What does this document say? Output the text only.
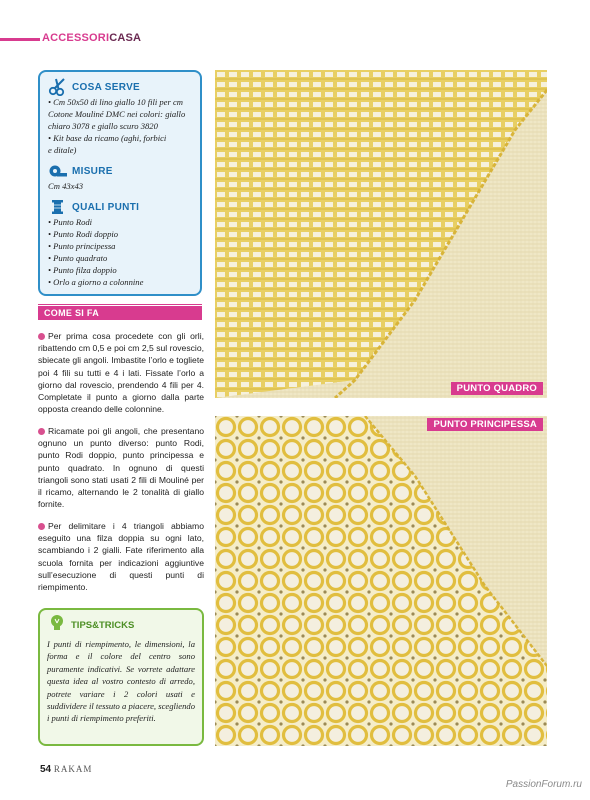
ACCESSORICASA
COSA SERVE
• Cm 50x50 di lino giallo 10 fili per cm
Cotone Mouliné DMC nei colori: giallo
chiaro 3078 e giallo scuro 3820
• Kit base da ricamo (aghi, forbici
e ditale)
MISURE
Cm 43x43
QUALI PUNTI
• Punto Rodi
• Punto Rodi doppio
• Punto principessa
• Punto quadrato
• Punto filza doppio
• Orlo a giorno a colonnine
COME SI FA
Per prima cosa procedete con gli orli, ribattendo cm 0,5 e poi cm 2,5 sul rovescio, sbiecate gli angoli. Imbastite l’orlo e togliete poi 4 fili su tutti e 4 i lati. Fissate l’orlo a giorno dal rovescio, prendendo 4 fili per 4. Completate il punto a giorno dalla parte opposta creando delle colonnine.
Ricamate poi gli angoli, che presentano ognuno un punto diverso: punto Rodi, punto Rodi doppio, punto principessa e punto quadrato. In ognuno di questi triangoli sono stati usati 2 fili di Mouliné per il ricamo, alternando le 2 tonalità di giallo fornite.
Per delimitare i 4 triangoli abbiamo eseguito una filza doppia su ogni lato, scambiando i 2 gialli. Fate riferimento alla scuola fornita per indicazioni aggiuntive sull’esecuzione di questi punti di riempimento.
TIPS&TRICKS
I punti di riempimento, le dimensioni, la forma e il colore del centro sono puramente indicativi. Se vorrete adattare questa idea al vostro contesto di arredo, potrete variare i 2 colori usati e suddividere il tessuto a piacere, scegliendo i punti di riempimento preferiti.
PUNTO QUADRO
PUNTO PRINCIPESSA
54 RAKAM
PassionForum.ru
